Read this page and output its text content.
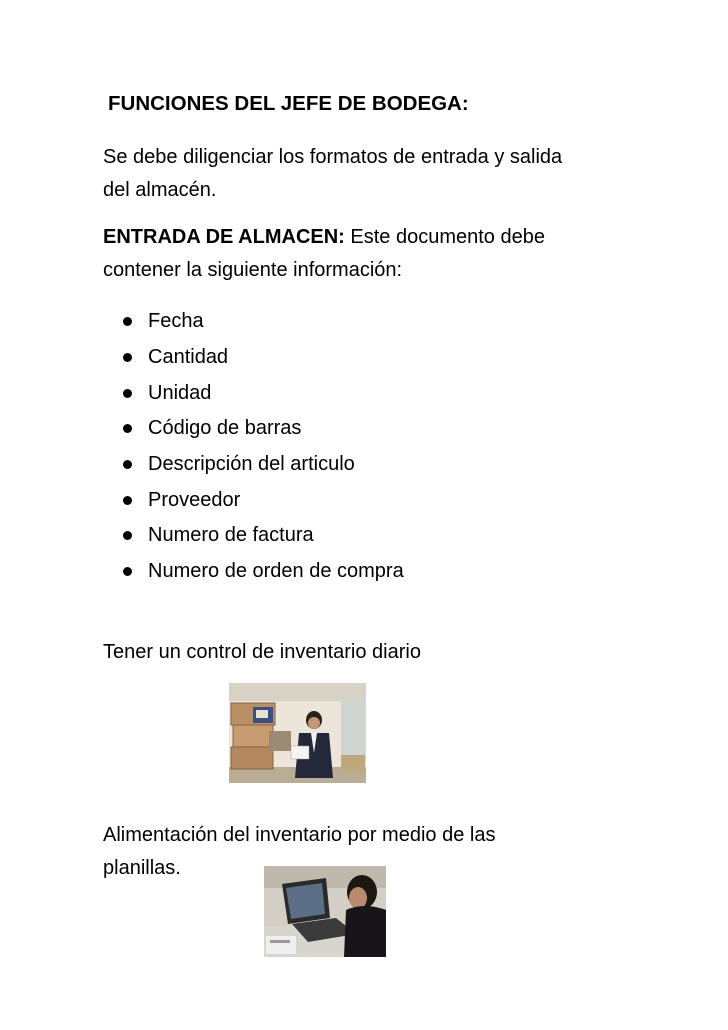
FUNCIONES DEL JEFE DE BODEGA:
Se debe diligenciar los formatos de entrada y salida
del almacén.
ENTRADA DE ALMACEN: Este documento debe
contener la siguiente información:
Fecha
Cantidad
Unidad
Código de barras
Descripción del articulo
Proveedor
Numero de factura
Numero de orden de compra
Tener un control de inventario diario
Alimentación del inventario por medio de las
planillas.
